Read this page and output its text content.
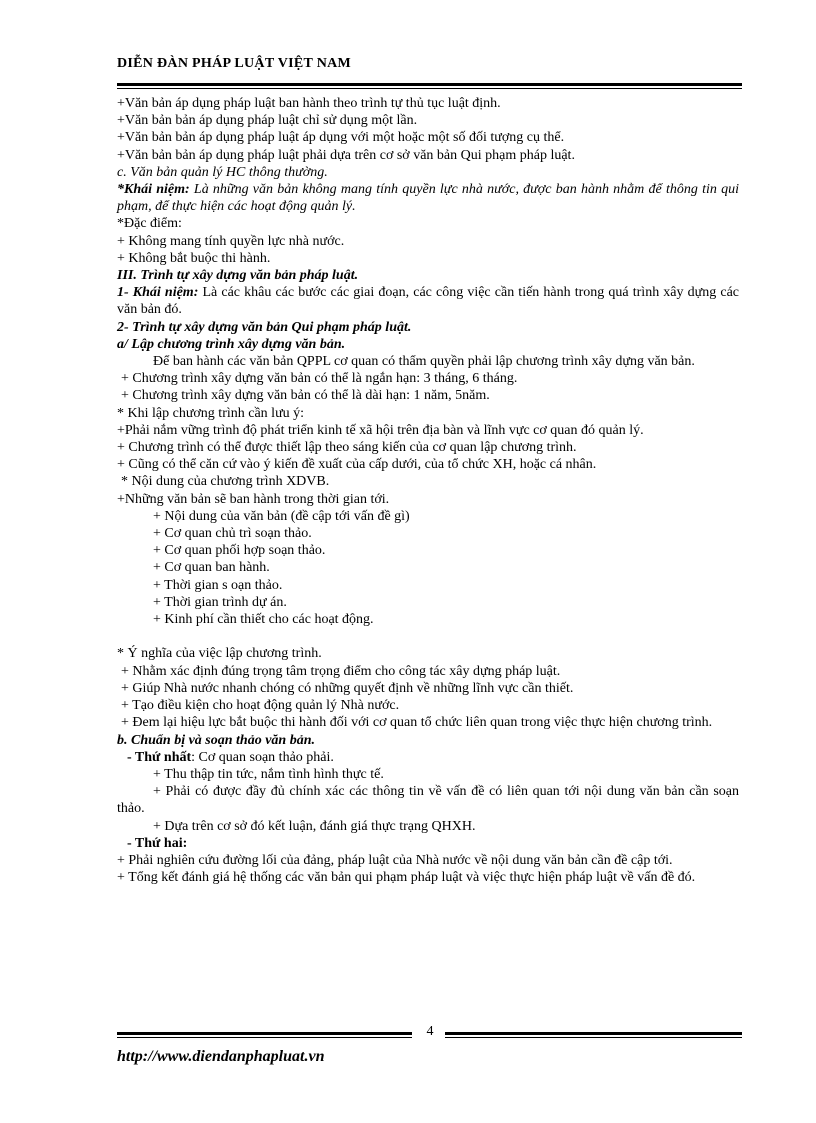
DIỄN ĐÀN PHÁP LUẬT VIỆT NAM

+Văn bản áp dụng pháp luật ban hành theo trình tự thủ tục luật định.

+Văn bản bản áp dụng pháp luật chỉ sử dụng một lần.

+Văn bản bản áp dụng pháp luật áp dụng với một hoặc một số đối tượng cụ thể.

+Văn bản bản áp dụng pháp luật phải dựa trên cơ sở văn bản Qui phạm pháp luật.

c. Văn bản quản lý HC thông thường.

*Khái niệm: Là những văn bản không mang tính quyền lực nhà nước, được ban hành nhằm để thông tin qui phạm, để thực hiện các hoạt động quản lý.

*Đặc điểm:

+ Không mang tính quyền lực nhà nước.

+ Không bắt buộc thi hành.

III. Trình tự xây dựng văn bản pháp luật.

1- Khái niệm: Là các khâu các bước các giai đoạn, các công việc cần tiến hành trong quá trình xây dựng các văn bản đó.

2- Trình tự xây dựng văn bản Qui phạm pháp luật.

a/ Lập chương trình xây dựng văn bản.

Để ban hành các văn bản QPPL cơ quan có thẩm quyền phải lập chương trình xây dựng văn bản.

+ Chương trình xây dựng văn bản có thể là ngắn hạn: 3 tháng, 6 tháng.

+ Chương trình xây dựng văn bản có thể là dài hạn: 1 năm, 5năm.

* Khi lập chương trình cần lưu ý:

+Phải nắm vững trình độ phát triển kinh tế xã hội trên địa bàn và lĩnh vực cơ quan đó quản lý.

+ Chương trình có thể được thiết lập theo sáng kiến của cơ quan lập chương trình.

+ Cũng có thể căn cứ vào ý kiến đề xuất của cấp dưới, của tổ chức XH, hoặc cá nhân.

* Nội dung của chương trình XDVB.

+Những văn bản sẽ ban hành trong thời gian tới.

+ Nội dung của văn bản (đề cập tới vấn đề gì)

+ Cơ quan chủ trì soạn thảo.

+ Cơ quan phối hợp soạn thảo.

+ Cơ quan ban hành.

+ Thời gian s oạn thảo.

+ Thời gian trình dự án.

+ Kinh phí cần thiết cho các hoạt động.

* Ý nghĩa của việc lập chương trình.

+ Nhằm xác định đúng trọng tâm trọng điểm cho công tác xây dựng pháp luật.

+ Giúp Nhà nước nhanh chóng có những quyết định về những lĩnh vực cần thiết.

+ Tạo điều kiện cho hoạt động quản lý Nhà nước.

+ Đem lại hiệu lực bắt buộc thi hành đối với cơ quan tổ chức liên quan trong việc thực hiện chương trình.

b. Chuẩn bị và soạn thảo văn bản.

- Thứ nhất: Cơ quan soạn thảo phải.

+ Thu thập tin tức, nắm tình hình thực tế.

+ Phải có được đầy đủ chính xác các thông tin về vấn đề có liên quan tới nội dung văn bản cần soạn thảo.

+ Dựa trên cơ sở đó kết luận, đánh giá thực trạng QHXH.

- Thứ hai:

+ Phải nghiên cứu đường lối của đảng, pháp luật của Nhà nước về nội dung văn bản cần đề cập tới.

+ Tổng kết đánh giá hệ thống các văn bản qui phạm pháp luật và việc thực hiện pháp luật về vấn đề đó.

4
http://www.diendanphapluat.vn
